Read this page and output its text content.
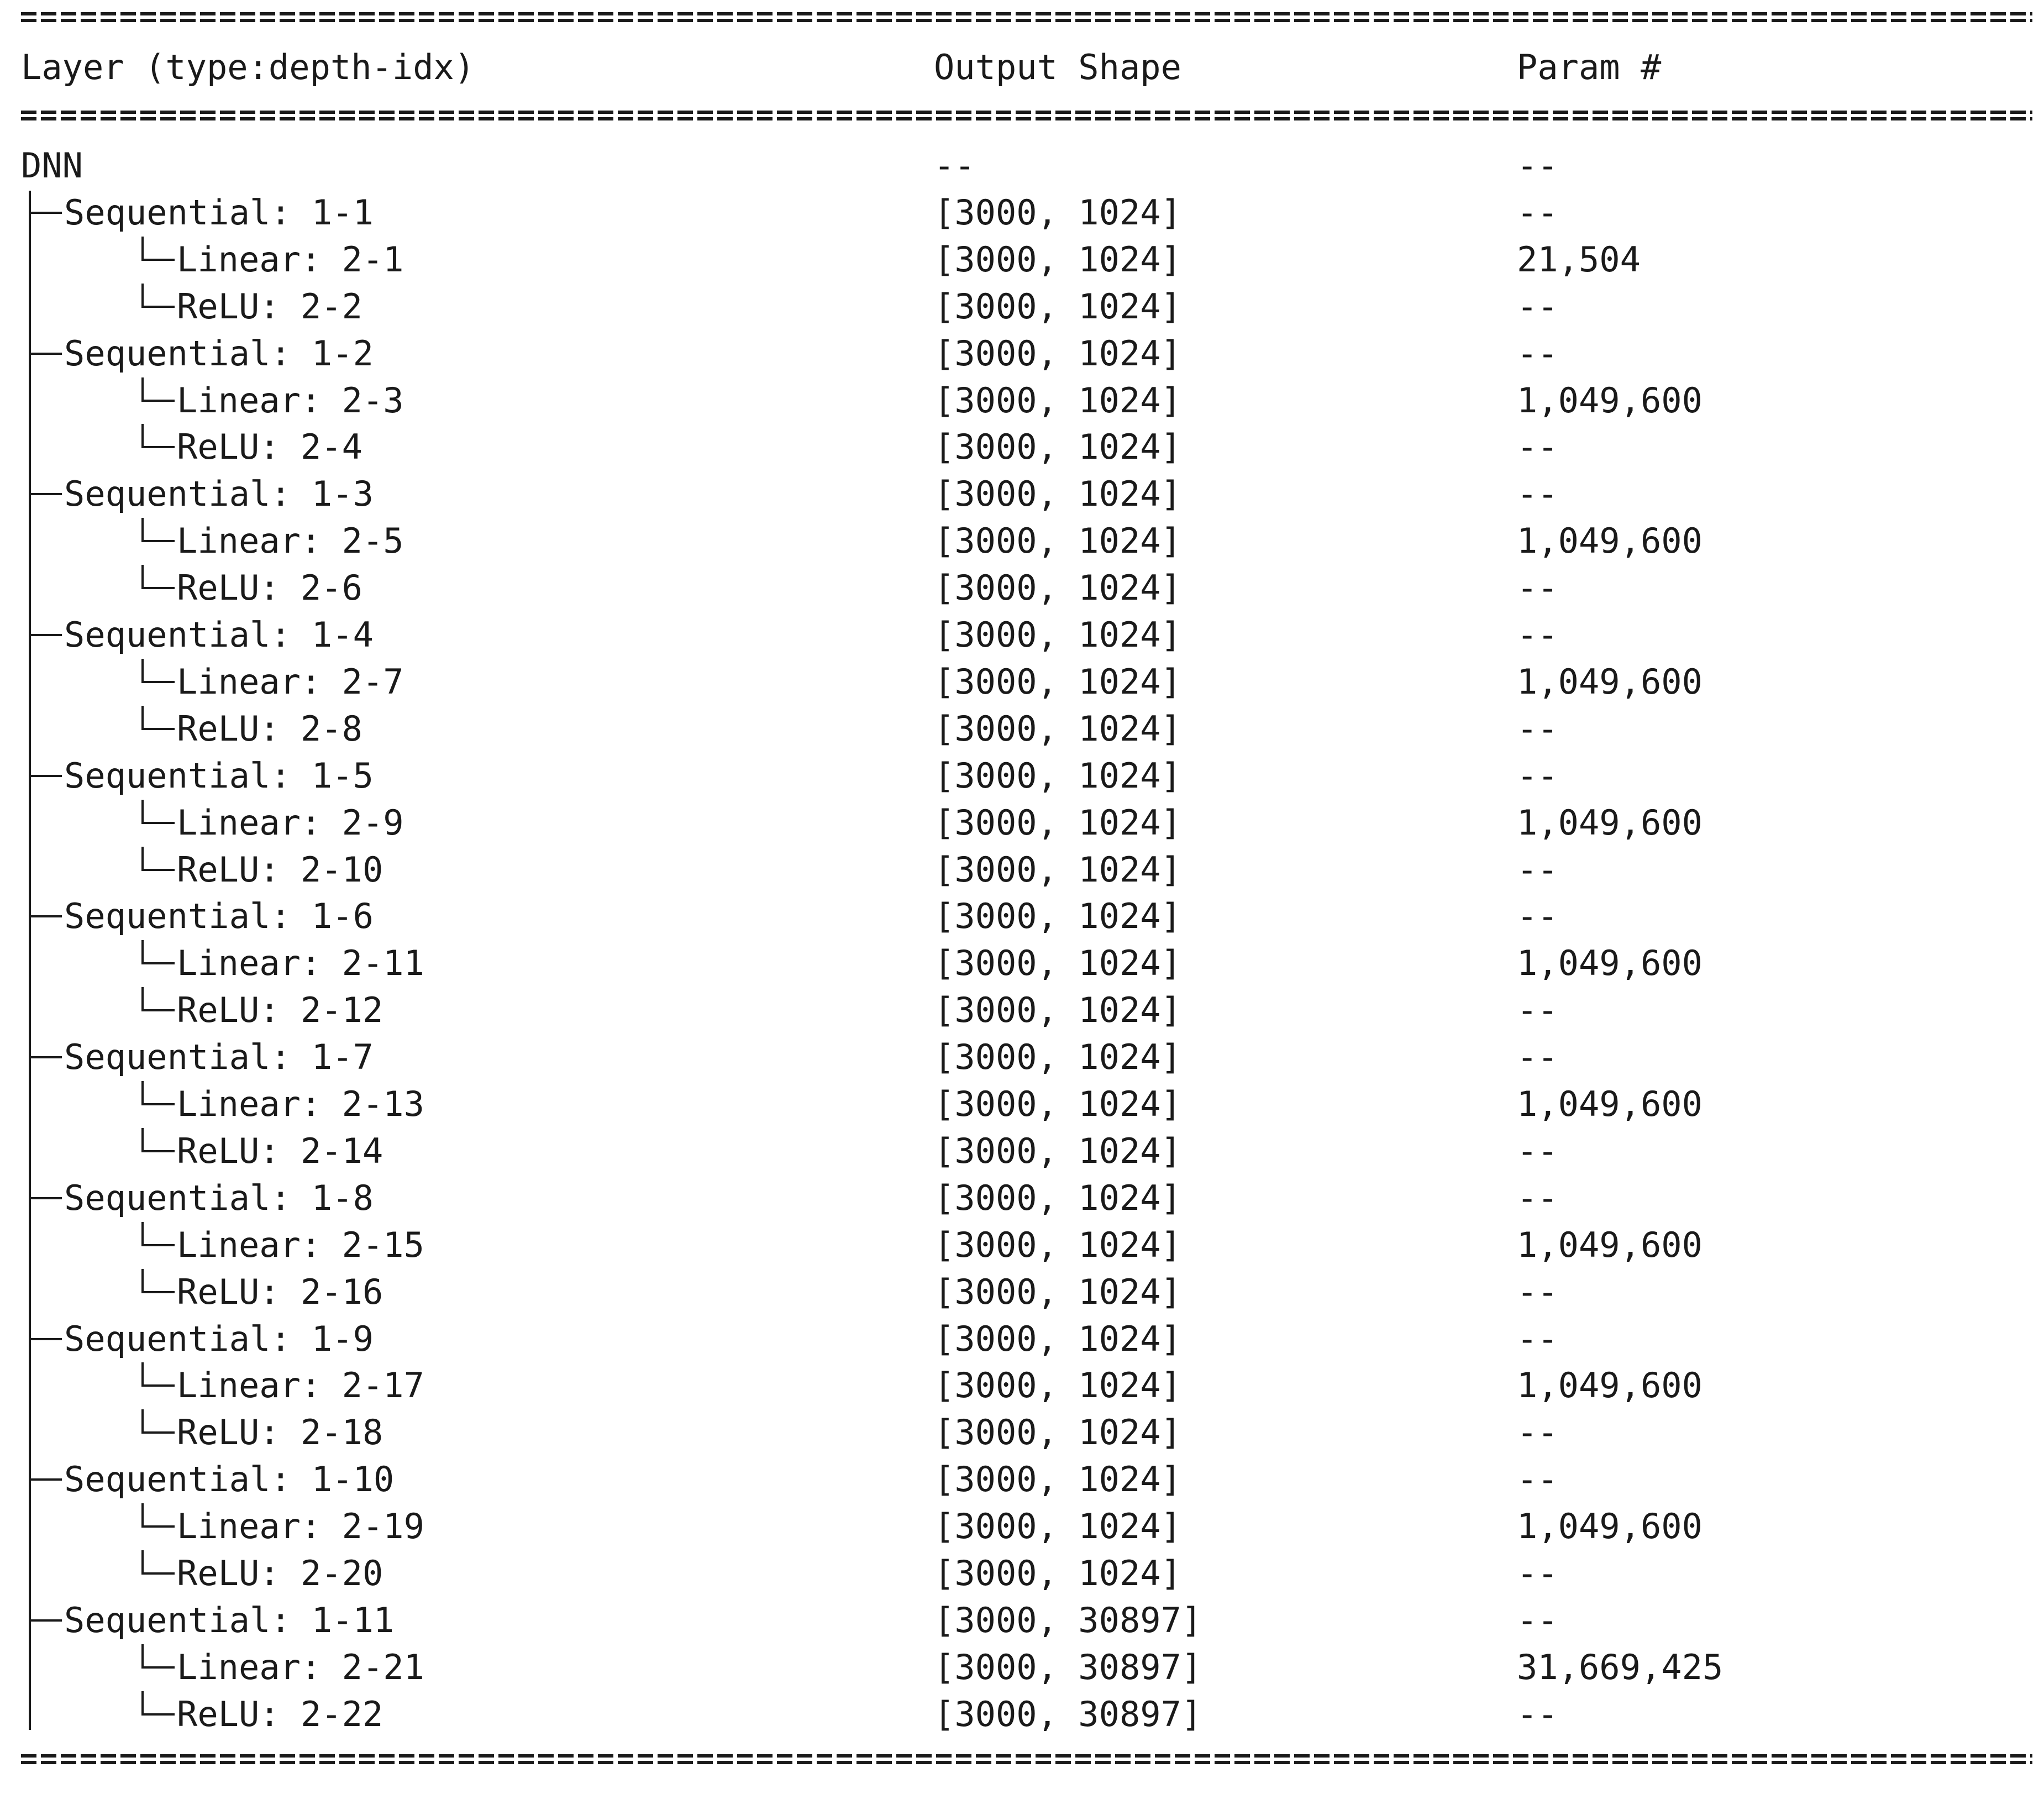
Layer (type:depth-idx)	Output Shape	Param #
DNN	--	--
Sequential: 1-1	[3000, 1024]	--
Linear: 2-1	[3000, 1024]	21,504
ReLU: 2-2	[3000, 1024]	--
Sequential: 1-2	[3000, 1024]	--
Linear: 2-3	[3000, 1024]	1,049,600
ReLU: 2-4	[3000, 1024]	--
Sequential: 1-3	[3000, 1024]	--
Linear: 2-5	[3000, 1024]	1,049,600
ReLU: 2-6	[3000, 1024]	--
Sequential: 1-4	[3000, 1024]	--
Linear: 2-7	[3000, 1024]	1,049,600
ReLU: 2-8	[3000, 1024]	--
Sequential: 1-5	[3000, 1024]	--
Linear: 2-9	[3000, 1024]	1,049,600
ReLU: 2-10	[3000, 1024]	--
Sequential: 1-6	[3000, 1024]	--
Linear: 2-11	[3000, 1024]	1,049,600
ReLU: 2-12	[3000, 1024]	--
Sequential: 1-7	[3000, 1024]	--
Linear: 2-13	[3000, 1024]	1,049,600
ReLU: 2-14	[3000, 1024]	--
Sequential: 1-8	[3000, 1024]	--
Linear: 2-15	[3000, 1024]	1,049,600
ReLU: 2-16	[3000, 1024]	--
Sequential: 1-9	[3000, 1024]	--
Linear: 2-17	[3000, 1024]	1,049,600
ReLU: 2-18	[3000, 1024]	--
Sequential: 1-10	[3000, 1024]	--
Linear: 2-19	[3000, 1024]	1,049,600
ReLU: 2-20	[3000, 1024]	--
Sequential: 1-11	[3000, 30897]	--
Linear: 2-21	[3000, 30897]	31,669,425
ReLU: 2-22	[3000, 30897]	--
